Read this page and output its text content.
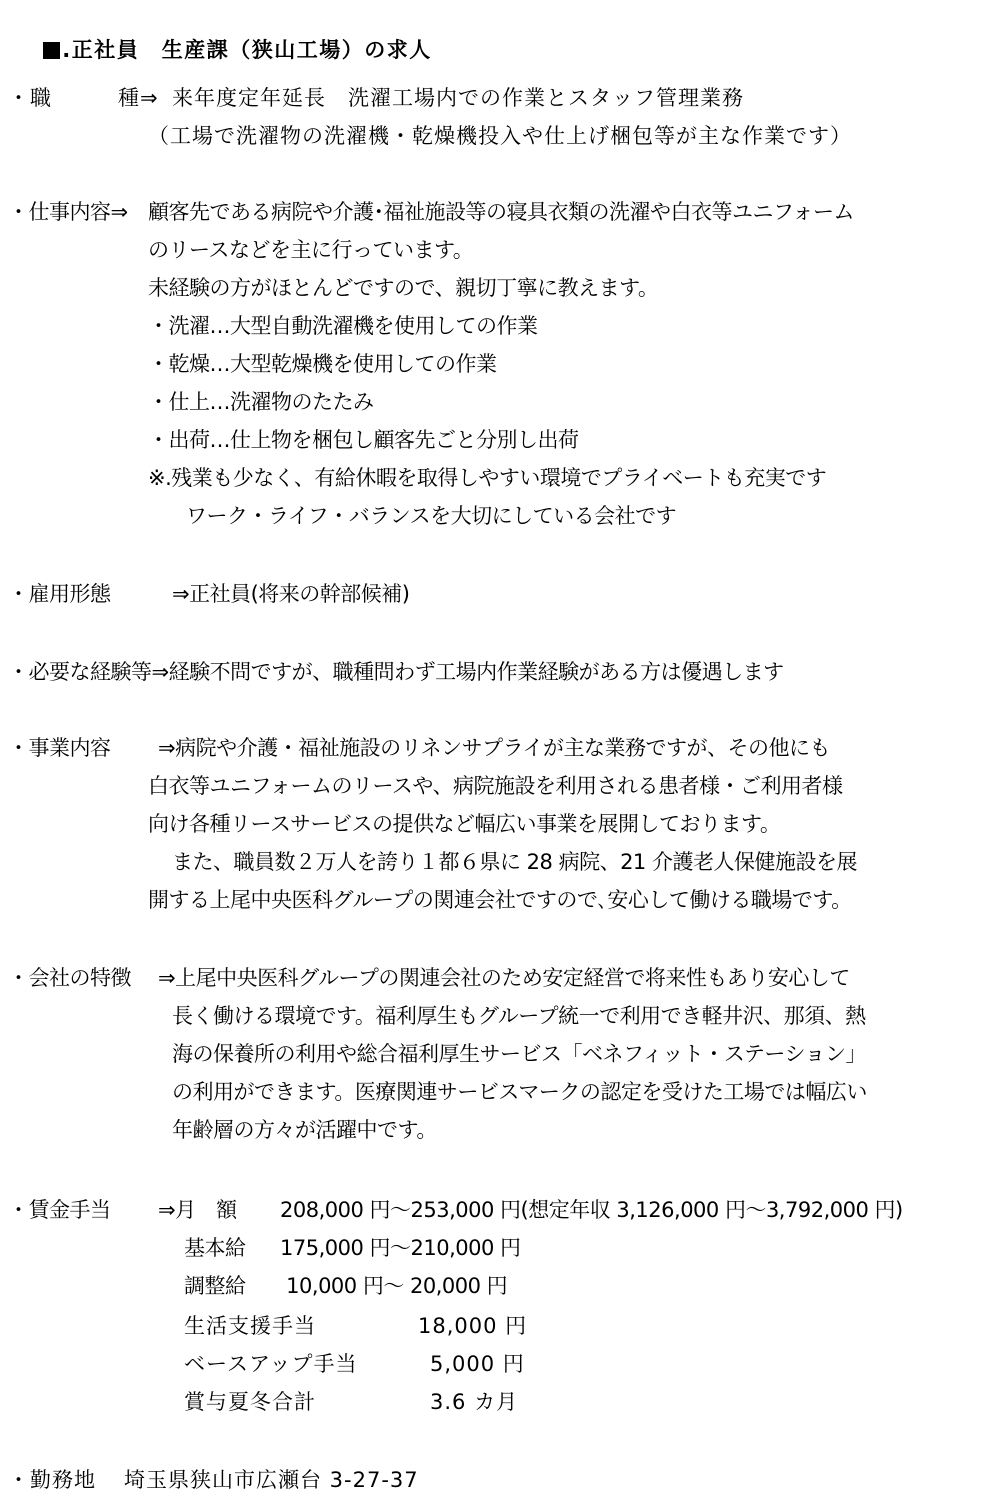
.正社員　生産課（狭山工場）の求人

・職　　　種⇒ 来年度定年延長　洗濯工場内での作業とスタッフ管理業務
（工場で洗濯物の洗濯機・乾燥機投入や仕上げ梱包等が主な作業です）
・仕事内容⇒ 顧客先である病院や介護･福祉施設等の寝具衣類の洗濯や白衣等ユニフォーム
のリースなどを主に行っています。
未経験の方がほとんどですので、親切丁寧に教えます。
・洗濯…大型自動洗濯機を使用しての作業
・乾燥…大型乾燥機を使用しての作業
・仕上…洗濯物のたたみ
・出荷…仕上物を梱包し顧客先ごと分別し出荷
※.残業も少なく、有給休暇を取得しやすい環境でプライベートも充実です
ワーク・ライフ・バランスを大切にしている会社です
・雇用形態	⇒正社員(将来の幹部候補)
・必要な経験等⇒経験不問ですが、職種問わず工場内作業経験がある方は優遇します
・事業内容 ⇒病院や介護・福祉施設のリネンサプライが主な業務ですが、その他にも
白衣等ユニフォームのリースや、病院施設を利用される患者様・ご利用者様
向け各種リースサービスの提供など幅広い事業を展開しております。
また、職員数２万人を誇り１都６県に 28 病院、21 介護老人保健施設を展
開する上尾中央医科グループの関連会社ですので､安心して働ける職場です。
・会社の特徴 ⇒上尾中央医科グループの関連会社のため安定経営で将来性もあり安心して
長く働ける環境です。福利厚生もグループ統一で利用でき軽井沢、那須、熱
海の保養所の利用や総合福利厚生サービス「ベネフィット・ステーション」
の利用ができます。医療関連サービスマークの認定を受けた工場では幅広い
年齢層の方々が活躍中です。
・賃金手当 ⇒月　額 208,000 円～253,000 円(想定年収 3,126,000 円～3,792,000 円)
基本給 175,000 円～210,000 円
調整給 10,000 円～ 20,000 円
生活支援手当	18,000 円
ベースアップ手当	5,000 円
賞与夏冬合計	3.6 カ月
・勤務地 埼玉県狭山市広瀬台 3-27-37
